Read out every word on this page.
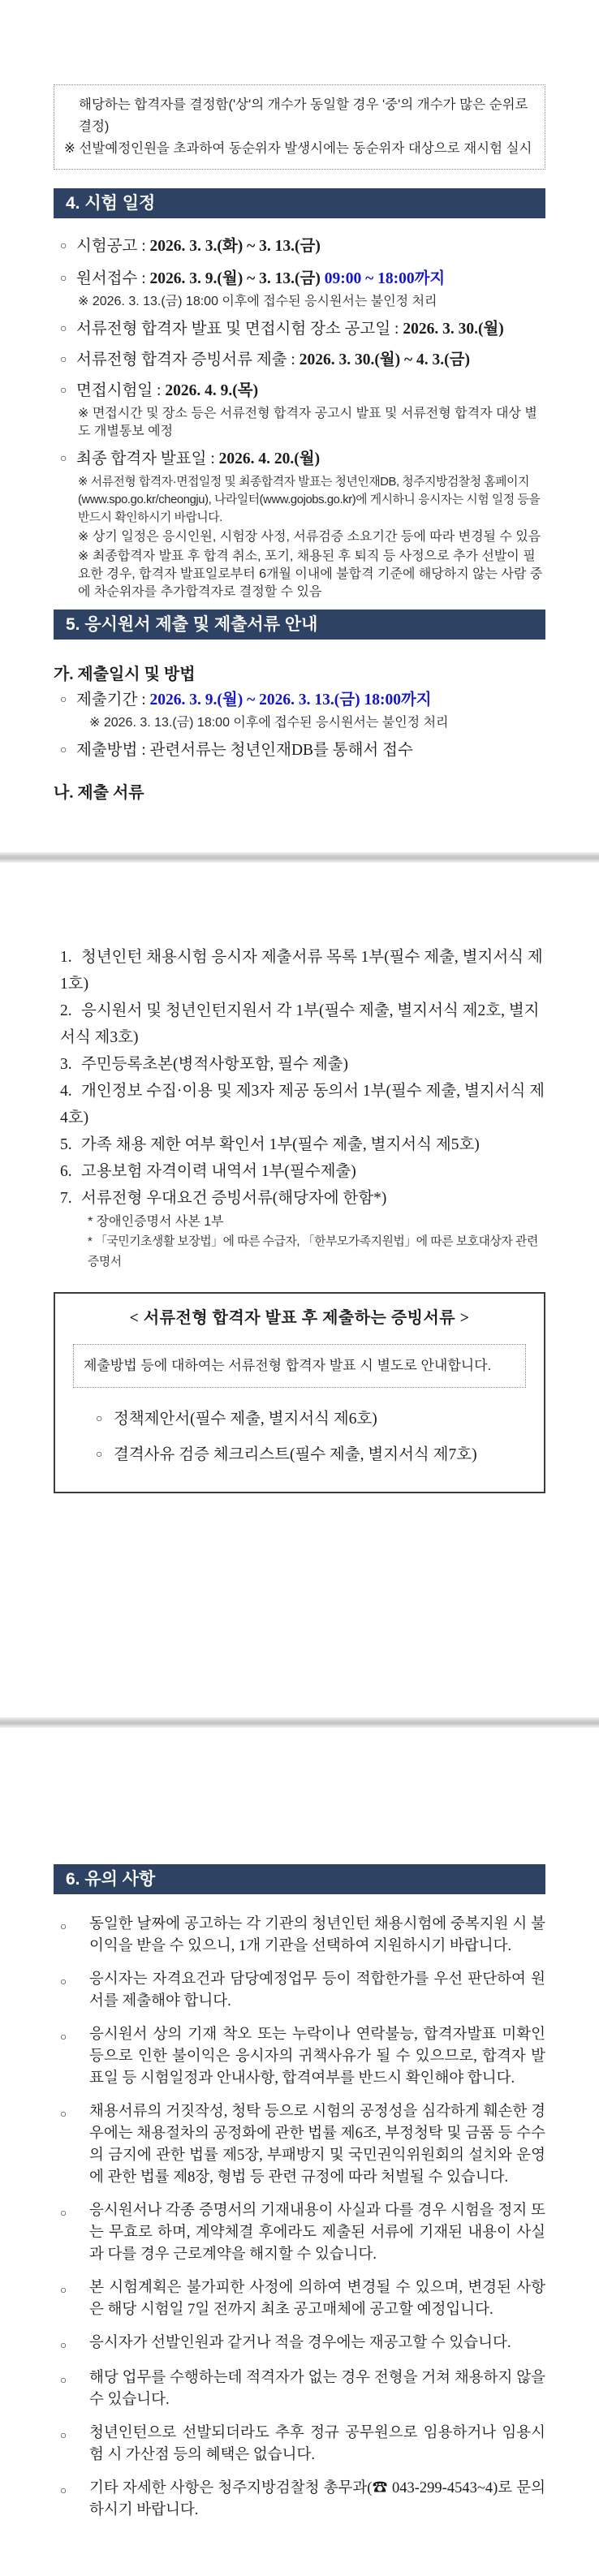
해당하는 합격자를 결정함('상'의 개수가 동일할 경우 '중'의 개수가 많은 순위로 결정)
※ 선발예정인원을 초과하여 동순위자 발생시에는 동순위자 대상으로 재시험 실시
4. 시험 일정
○ 시험공고 : 2026. 3. 3.(화) ~ 3. 13.(금)
○ 원서접수 : 2026. 3. 9.(월) ~ 3. 13.(금) 09:00 ~ 18:00까지
※ 2026. 3. 13.(금) 18:00 이후에 접수된 응시원서는 불인정 처리
○ 서류전형 합격자 발표 및 면접시험 장소 공고일 : 2026. 3. 30.(월)
○ 서류전형 합격자 증빙서류 제출 : 2026. 3. 30.(월) ~ 4. 3.(금)
○ 면접시험일 : 2026. 4. 9.(목)
※ 면접시간 및 장소 등은 서류전형 합격자 공고시 발표 및 서류전형 합격자 대상 별도 개별통보 예정
○ 최종 합격자 발표일 : 2026. 4. 20.(월)
※ 서류전형 합격자·면접일정 및 최종합격자 발표는 청년인재DB, 청주지방검찰청 홈페이지(www.spo.go.kr/cheongju), 나라일터(www.gojobs.go.kr)에 게시하니 응시자는 시험 일정 등을 반드시 확인하시기 바랍니다.
※ 상기 일정은 응시인원, 시험장 사정, 서류검증 소요기간 등에 따라 변경될 수 있음
※ 최종합격자 발표 후 합격 취소, 포기, 채용된 후 퇴직 등 사정으로 추가 선발이 필요한 경우, 합격자 발표일로부터 6개월 이내에 불합격 기준에 해당하지 않는 사람 중에 차순위자를 추가합격자로 결정할 수 있음
5. 응시원서 제출 및 제출서류 안내
가. 제출일시 및 방법
○ 제출기간 : 2026. 3. 9.(월) ~ 2026. 3. 13.(금) 18:00까지
※ 2026. 3. 13.(금) 18:00 이후에 접수된 응시원서는 불인정 처리
○ 제출방법 : 관련서류는 청년인재DB를 통해서 접수
나. 제출 서류
1. 청년인턴 채용시험 응시자 제출서류 목록 1부(필수 제출, 별지서식 제1호)
2. 응시원서 및 청년인턴지원서 각 1부(필수 제출, 별지서식 제2호, 별지서식 제3호)
3. 주민등록초본(병적사항포함, 필수 제출)
4. 개인정보 수집·이용 및 제3자 제공 동의서 1부(필수 제출, 별지서식 제4호)
5. 가족 채용 제한 여부 확인서 1부(필수 제출, 별지서식 제5호)
6. 고용보험 자격이력 내역서 1부(필수제출)
7. 서류전형 우대요건 증빙서류(해당자에 한함*)
* 장애인증명서 사본 1부
* 「국민기초생활 보장법」에 따른 수급자, 「한부모가족지원법」에 따른 보호대상자 관련 증명서
< 서류전형 합격자 발표 후 제출하는 증빙서류 >
제출방법 등에 대하여는 서류전형 합격자 발표 시 별도로 안내합니다.
○ 정책제안서(필수 제출, 별지서식 제6호)
○ 결격사유 검증 체크리스트(필수 제출, 별지서식 제7호)
6. 유의 사항
○	동일한 날짜에 공고하는 각 기관의 청년인턴 채용시험에 중복지원 시 불이익을 받을 수 있으니, 1개 기관을 선택하여 지원하시기 바랍니다.
○	응시자는 자격요건과 담당예정업무 등이 적합한가를 우선 판단하여 원서를 제출해야 합니다.
○	응시원서 상의 기재 착오 또는 누락이나 연락불능, 합격자발표 미확인 등으로 인한 불이익은 응시자의 귀책사유가 될 수 있으므로, 합격자 발표일 등 시험일정과 안내사항, 합격여부를 반드시 확인해야 합니다.
○	채용서류의 거짓작성, 청탁 등으로 시험의 공정성을 심각하게 훼손한 경우에는 채용절차의 공정화에 관한 법률 제6조, 부정청탁 및 금품 등 수수의 금지에 관한 법률 제5장, 부패방지 및 국민권익위원회의 설치와 운영에 관한 법률 제8장, 형법 등 관련 규정에 따라 처벌될 수 있습니다.
○	응시원서나 각종 증명서의 기재내용이 사실과 다를 경우 시험을 정지 또는 무효로 하며, 계약체결 후에라도 제출된 서류에 기재된 내용이 사실과 다를 경우 근로계약을 해지할 수 있습니다.
○	본 시험계획은 불가피한 사정에 의하여 변경될 수 있으며, 변경된 사항은 해당 시험일 7일 전까지 최초 공고매체에 공고할 예정입니다.
○	응시자가 선발인원과 같거나 적을 경우에는 재공고할 수 있습니다.
○	해당 업무를 수행하는데 적격자가 없는 경우 전형을 거쳐 채용하지 않을 수 있습니다.
○	청년인턴으로 선발되더라도 추후 정규 공무원으로 임용하거나 임용시험 시 가산점 등의 혜택은 없습니다.
○	기타 자세한 사항은 청주지방검찰청 총무과(☎ 043-299-4543~4)로 문의하시기 바랍니다.
